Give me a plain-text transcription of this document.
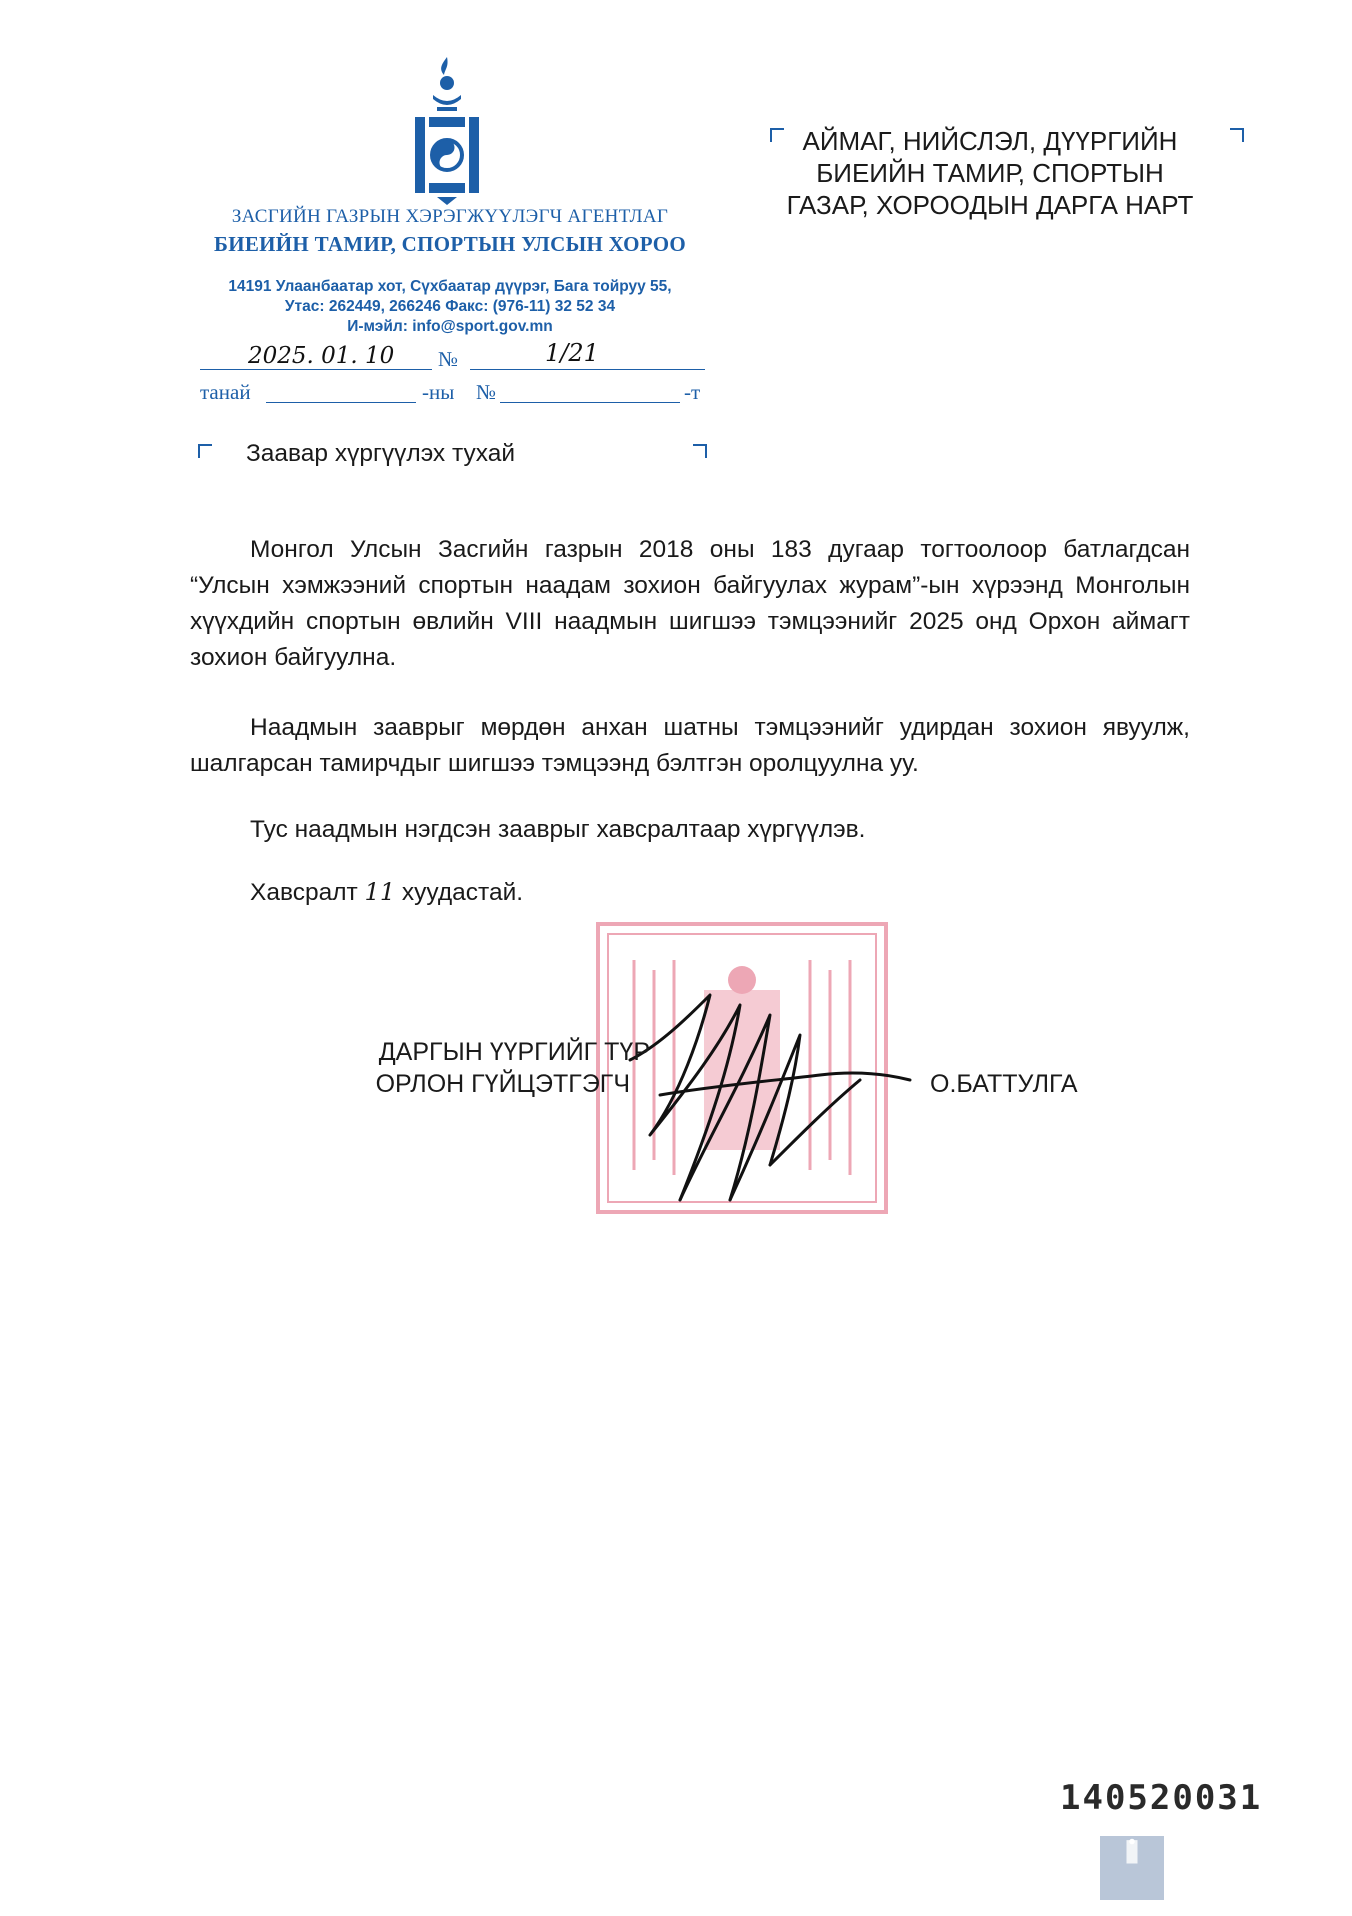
ЗАСГИЙН ГАЗРЫН ХЭРЭГЖҮҮЛЭГЧ АГЕНТЛАГ
БИЕИЙН ТАМИР, СПОРТЫН УЛСЫН ХОРОО
14191 Улаанбаатар хот, Сүхбаатар дүүрэг, Бага тойруу 55,
Утас: 262449, 266246 Факс: (976-11) 32 52 34
И-мэйл: info@sport.gov.mn
2025. 01. 10 №	1/21
танай	-ны №	-т
АЙМАГ, НИЙСЛЭЛ, ДҮҮРГИЙН
БИЕИЙН ТАМИР, СПОРТЫН
ГАЗАР, ХОРООДЫН ДАРГА НАРТ
Заавар хүргүүлэх тухай
Монгол Улсын Засгийн газрын 2018 оны 183 дугаар тогтоолоор батлагдсан “Улсын хэмжээний спортын наадам зохион байгуулах журам”-ын хүрээнд Монголын хүүхдийн спортын өвлийн VIII наадмын шигшээ тэмцээнийг 2025 онд Орхон аймагт зохион байгуулна.
Наадмын зааврыг мөрдөн анхан шатны тэмцээнийг удирдан зохион явуулж, шалгарсан тамирчдыг шигшээ тэмцээнд бэлтгэн оролцуулна уу.
Тус наадмын нэгдсэн зааврыг хавсралтаар хүргүүлэв.
Хавсралт 11 хуудастай.
ДАРГЫН ҮҮРГИЙГ ТҮР
ОРЛОН ГҮЙЦЭТГЭГЧ	О.БАТТУЛГА
140520031
